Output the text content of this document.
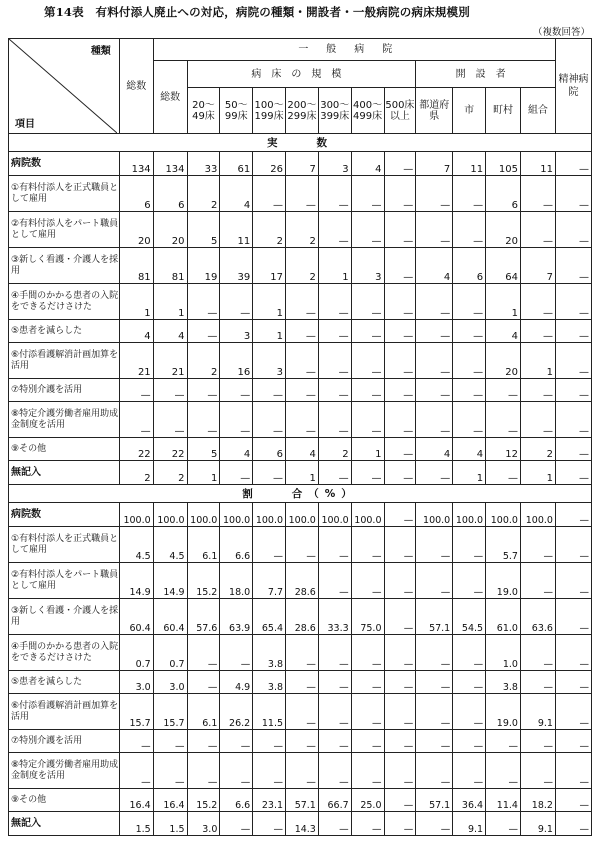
第14表　有料付添人廃止への対応，病院の種類・開設者・一般病院の病床規模別
（複数回答）
種類
項目	総数	一般病院												精神病院
		総数	病床の規模							開設者				
			20～49床	50～99床	100～199床	200～299床	300～399床	400～499床	500床以上	都道府県	市	町村	組合	
実　　数														
病院数	134	134	33	61	26	7	3	4	—	7	11	105	11	—
①有料付添人を正式職員として雇用	6	6	2	4	—	—	—	—	—	—	—	6	—	—
②有料付添人をパート職員として雇用	20	20	5	11	2	2	—	—	—	—	—	20	—	—
③新しく看護・介護人を採用	81	81	19	39	17	2	1	3	—	4	6	64	7	—
④手間のかかる患者の入院をできるだけさけた	1	1	—	—	1	—	—	—	—	—	—	1	—	—
⑤患者を減らした	4	4	—	3	1	—	—	—	—	—	—	4	—	—
⑥付添看護解消計画加算を活用	21	21	2	16	3	—	—	—	—	—	—	20	1	—
⑦特別介護を活用	—	—	—	—	—	—	—	—	—	—	—	—	—	—
⑧特定介護労働者雇用助成金制度を活用	—	—	—	—	—	—	—	—	—	—	—	—	—	—
⑨その他	22	22	5	4	6	4	2	1	—	4	4	12	2	—
無記入	2	2	1	—	—	1	—	—	—	—	1	—	1	—
割　　合（%）														
病院数	100.0	100.0	100.0	100.0	100.0	100.0	100.0	100.0	—	100.0	100.0	100.0	100.0	—
①有料付添人を正式職員として雇用	4.5	4.5	6.1	6.6	—	—	—	—	—	—	—	5.7	—	—
②有料付添人をパート職員として雇用	14.9	14.9	15.2	18.0	7.7	28.6	—	—	—	—	—	19.0	—	—
③新しく看護・介護人を採用	60.4	60.4	57.6	63.9	65.4	28.6	33.3	75.0	—	57.1	54.5	61.0	63.6	—
④手間のかかる患者の入院をできるだけさけた	0.7	0.7	—	—	3.8	—	—	—	—	—	—	1.0	—	—
⑤患者を減らした	3.0	3.0	—	4.9	3.8	—	—	—	—	—	—	3.8	—	—
⑥付添看護解消計画加算を活用	15.7	15.7	6.1	26.2	11.5	—	—	—	—	—	—	19.0	9.1	—
⑦特別介護を活用	—	—	—	—	—	—	—	—	—	—	—	—	—	—
⑧特定介護労働者雇用助成金制度を活用	—	—	—	—	—	—	—	—	—	—	—	—	—	—
⑨その他	16.4	16.4	15.2	6.6	23.1	57.1	66.7	25.0	—	57.1	36.4	11.4	18.2	—
無記入	1.5	1.5	3.0	—	—	14.3	—	—	—	—	9.1	—	9.1	—
